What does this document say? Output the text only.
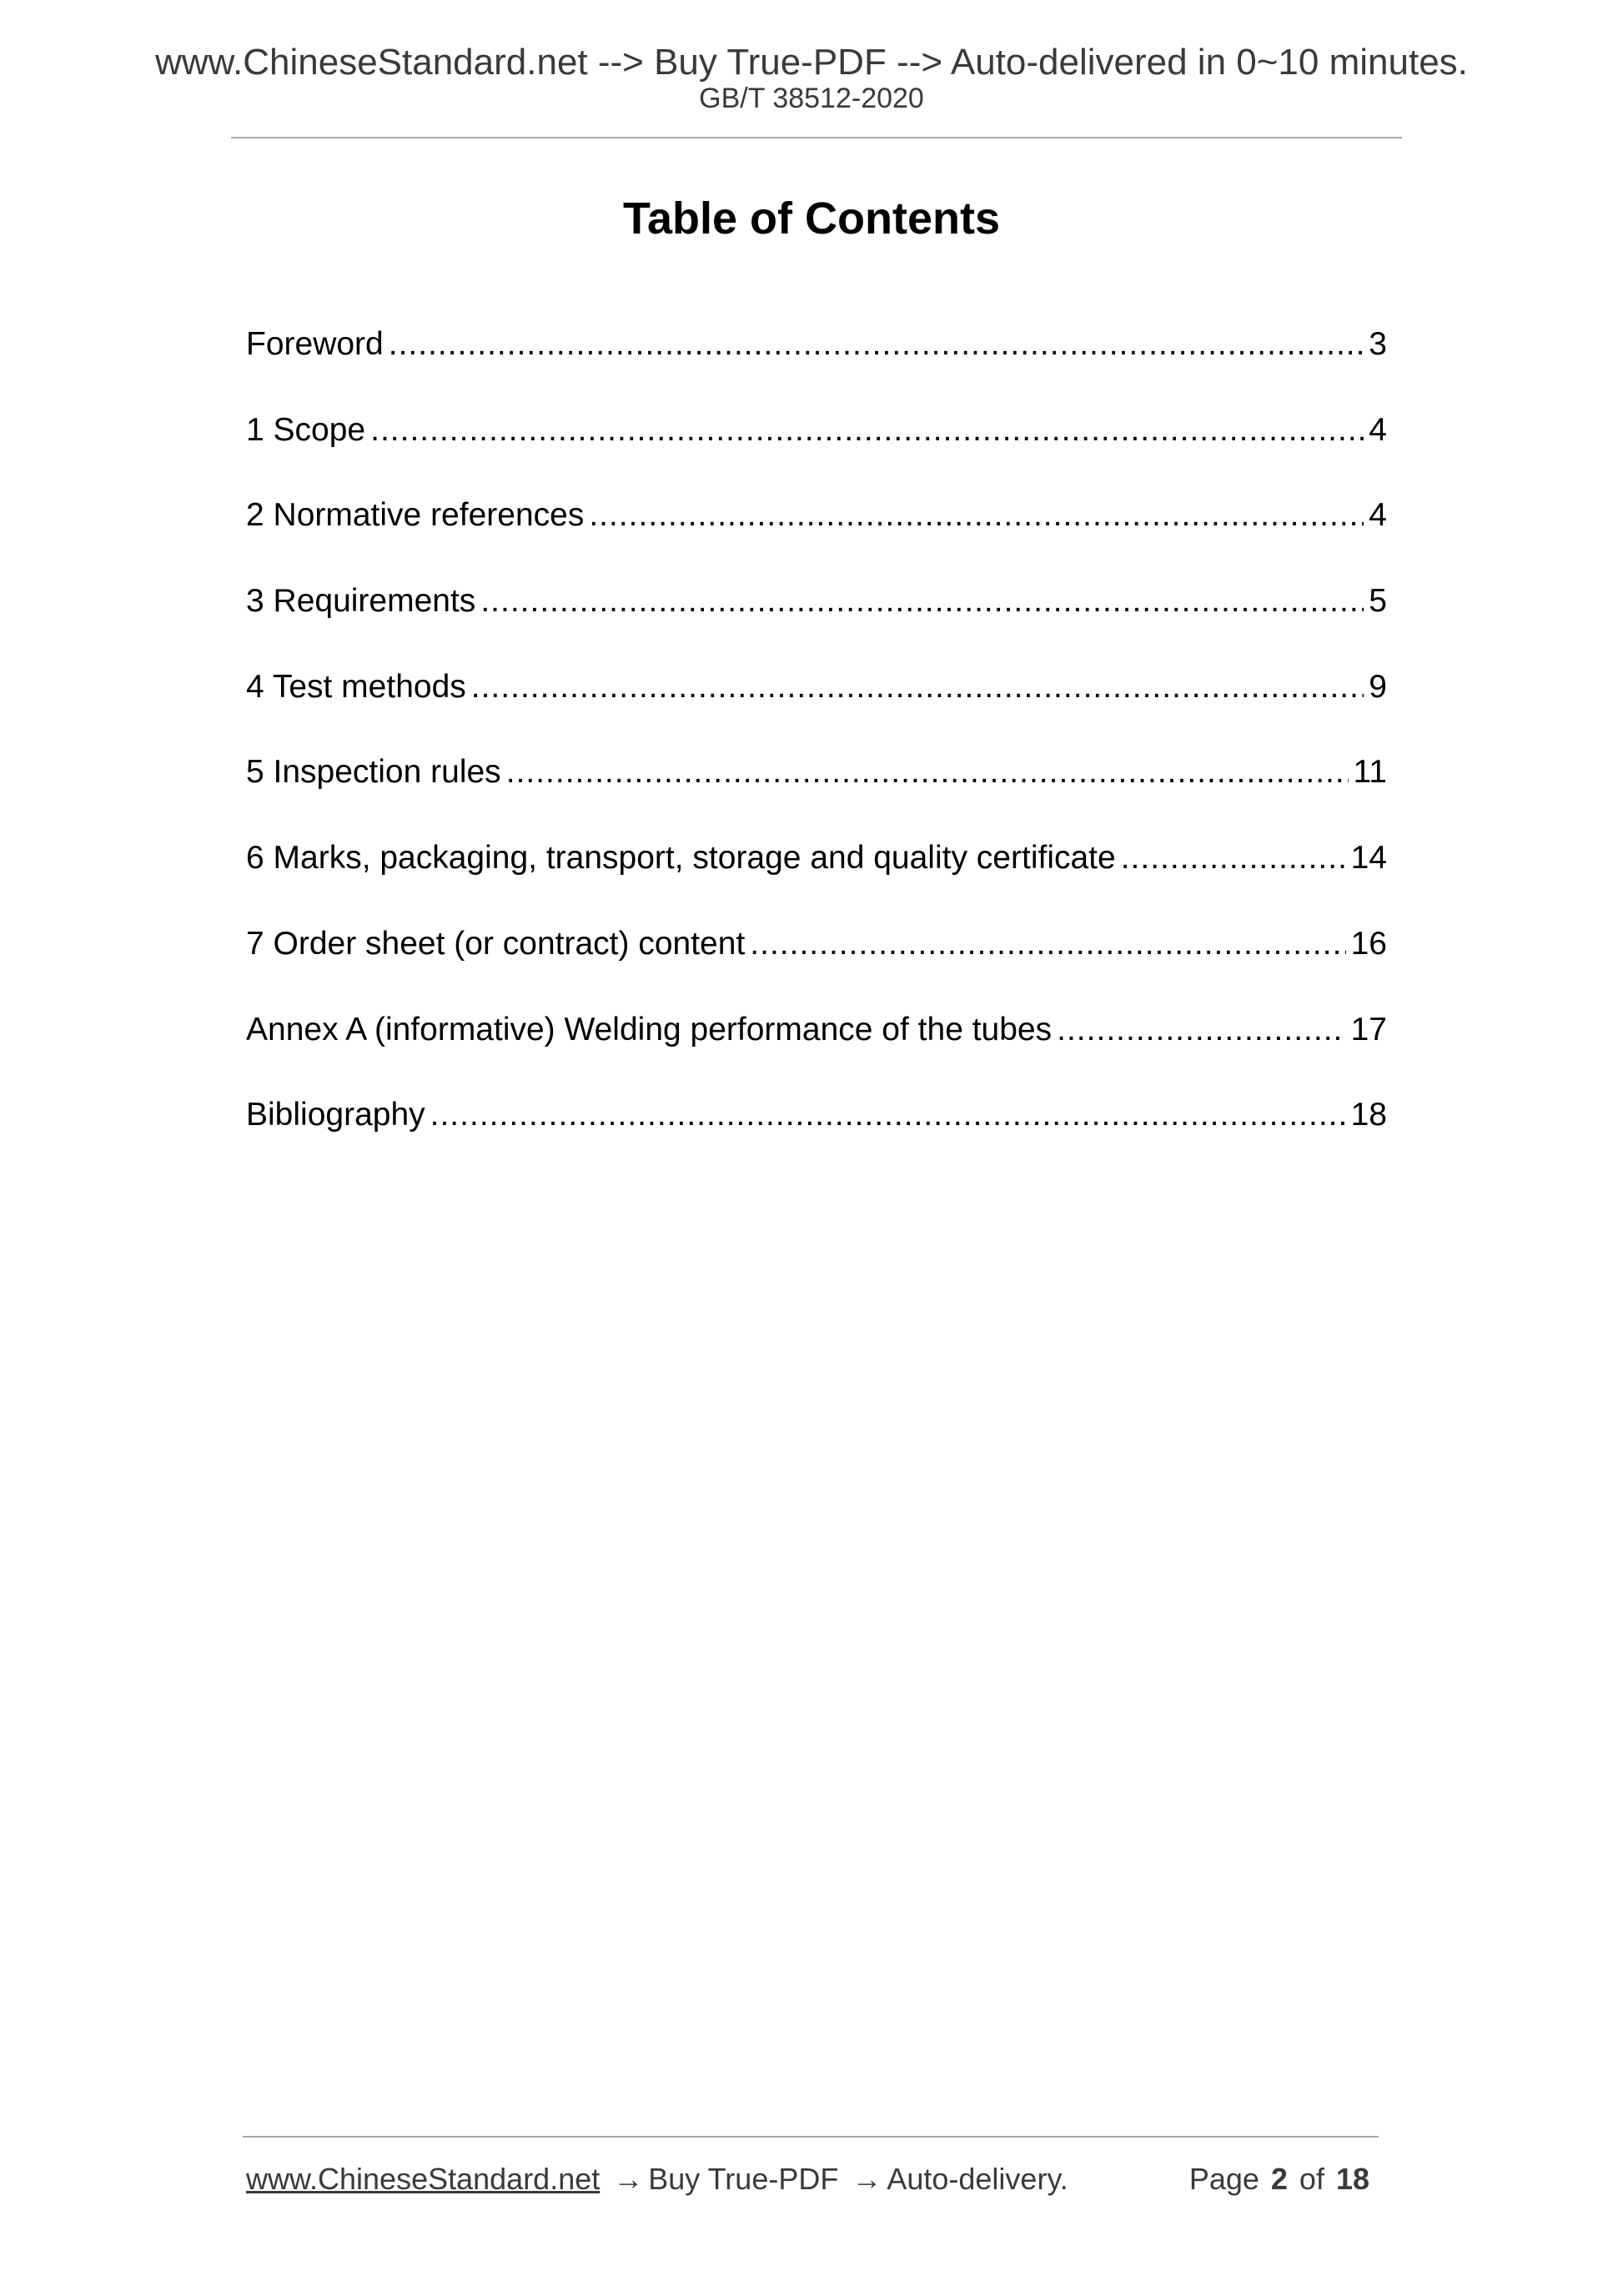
www.ChineseStandard.net --> Buy True-PDF --> Auto-delivered in 0~10 minutes.
GB/T 38512-2020
Table of Contents
Foreword .....	3
1 Scope .....	4
2 Normative references .....	4
3 Requirements .....	5
4 Test methods .....	9
5 Inspection rules .....	11
6 Marks, packaging, transport, storage and quality certificate .....	14
7 Order sheet (or contract) content .....	16
Annex A (informative) Welding performance of the tubes .....	17
Bibliography .....	18
www.ChineseStandard.net → Buy True-PDF → Auto-delivery.	Page 2 of 18
